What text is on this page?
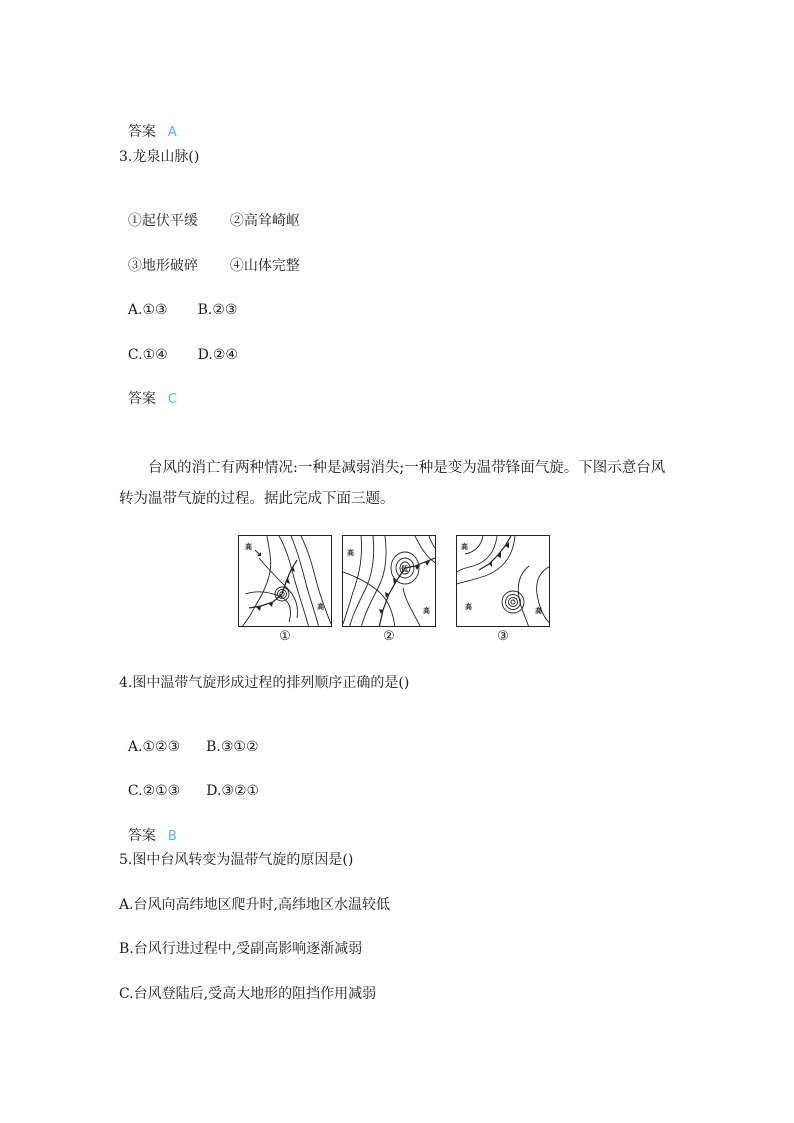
答案 A

3.龙泉山脉()

①起伏平缓 ②高耸崎岖

③地形破碎 ④山体完整

A.①③ B.②③

C.①④ D.②④

答案 C

台风的消亡有两种情况:一种是减弱消失;一种是变为温带锋面气旋。下图示意台风
转为温带气旋的过程。据此完成下面三题。
高
高
①
高
低
高
②
高
高	高
③
4.图中温带气旋形成过程的排列顺序正确的是()

A.①②③ B.③①②

C.②①③ D.③②①

答案 B

5.图中台风转变为温带气旋的原因是()
A.台风向高纬地区爬升时,高纬地区水温较低
B.台风行进过程中,受副高影响逐渐减弱
C.台风登陆后,受高大地形的阻挡作用减弱
